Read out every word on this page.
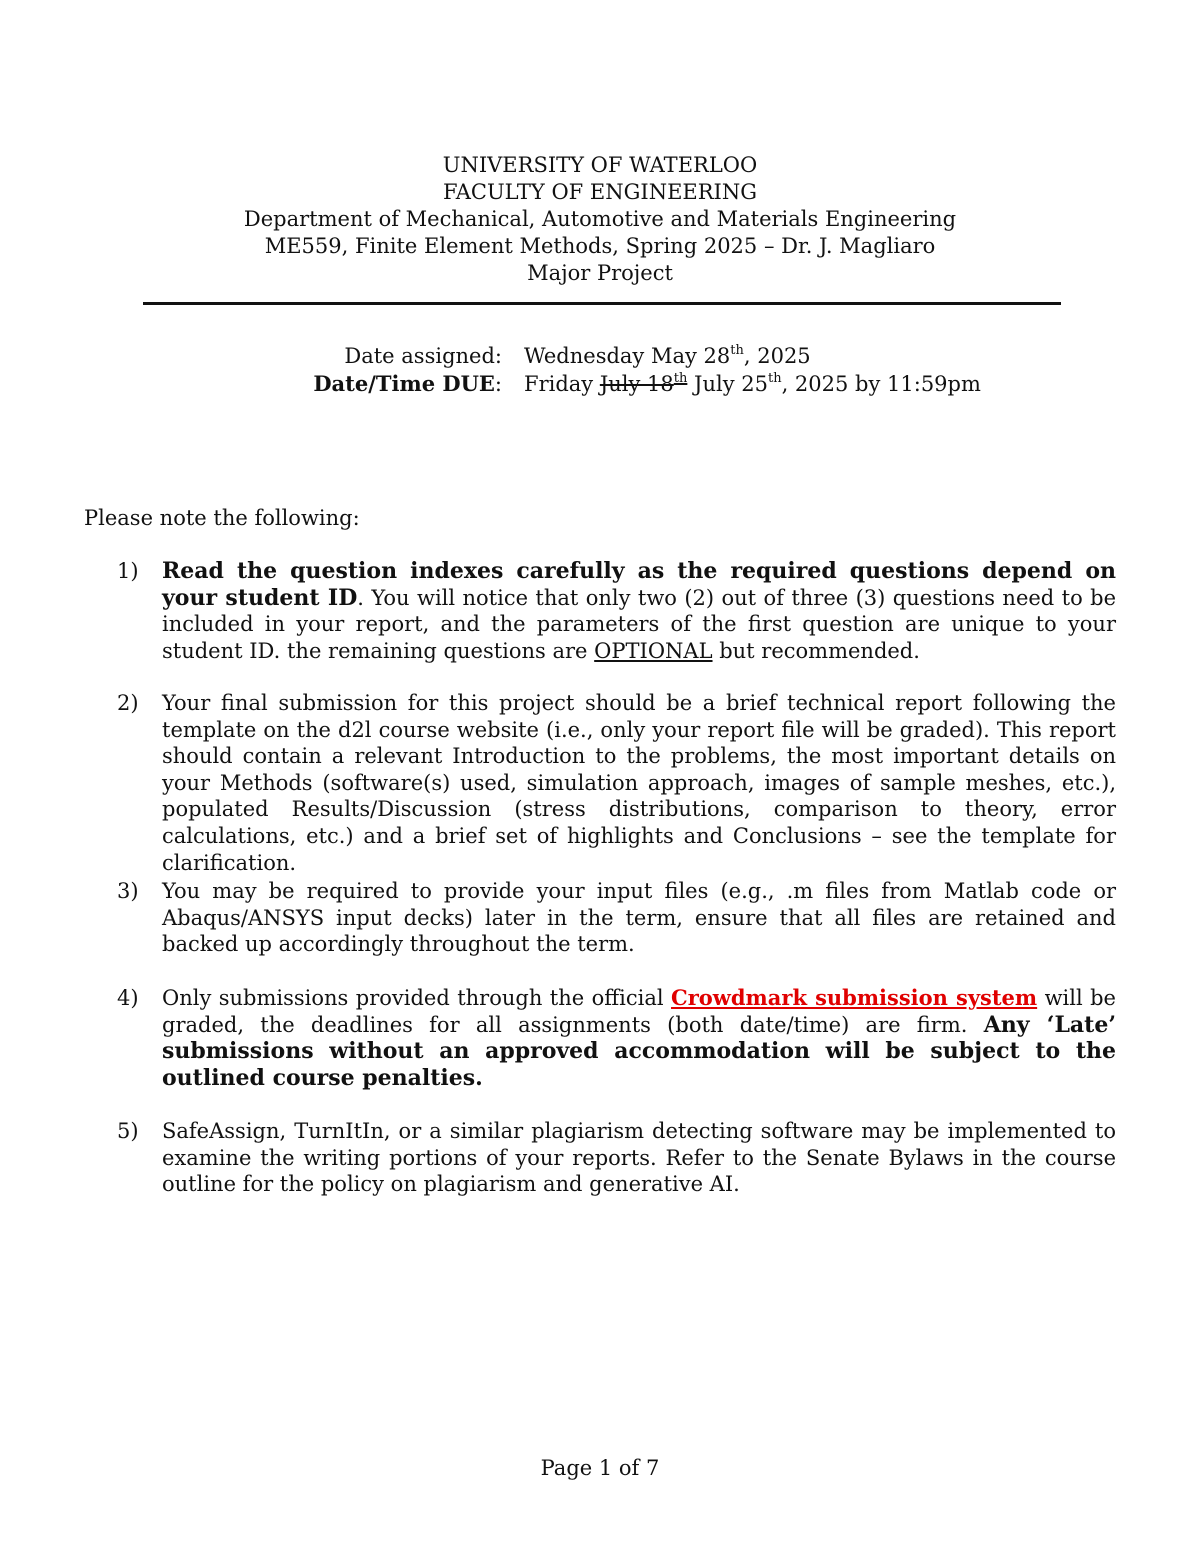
UNIVERSITY OF WATERLOO
FACULTY OF ENGINEERING
Department of Mechanical, Automotive and Materials Engineering
ME559, Finite Element Methods, Spring 2025 – Dr. J. Magliaro
Major Project
Date assigned: Wednesday May 28th, 2025
Date/Time DUE: Friday July 18th July 25th, 2025 by 11:59pm
Please note the following:
1) Read the question indexes carefully as the required questions depend on your student ID. You will notice that only two (2) out of three (3) questions need to be included in your report, and the parameters of the first question are unique to your student ID. the remaining questions are OPTIONAL but recommended.
2) Your final submission for this project should be a brief technical report following the template on the d2l course website (i.e., only your report file will be graded). This report should contain a relevant Introduction to the problems, the most important details on your Methods (software(s) used, simulation approach, images of sample meshes, etc.), populated Results/Discussion (stress distributions, comparison to theory, error calculations, etc.) and a brief set of highlights and Conclusions – see the template for clarification.
3) You may be required to provide your input files (e.g., .m files from Matlab code or Abaqus/ANSYS input decks) later in the term, ensure that all files are retained and backed up accordingly throughout the term.
4) Only submissions provided through the official Crowdmark submission system will be graded, the deadlines for all assignments (both date/time) are firm. Any ‘Late’ submissions without an approved accommodation will be subject to the outlined course penalties.
5) SafeAssign, TurnItIn, or a similar plagiarism detecting software may be implemented to examine the writing portions of your reports. Refer to the Senate Bylaws in the course outline for the policy on plagiarism and generative AI.
Page 1 of 7
